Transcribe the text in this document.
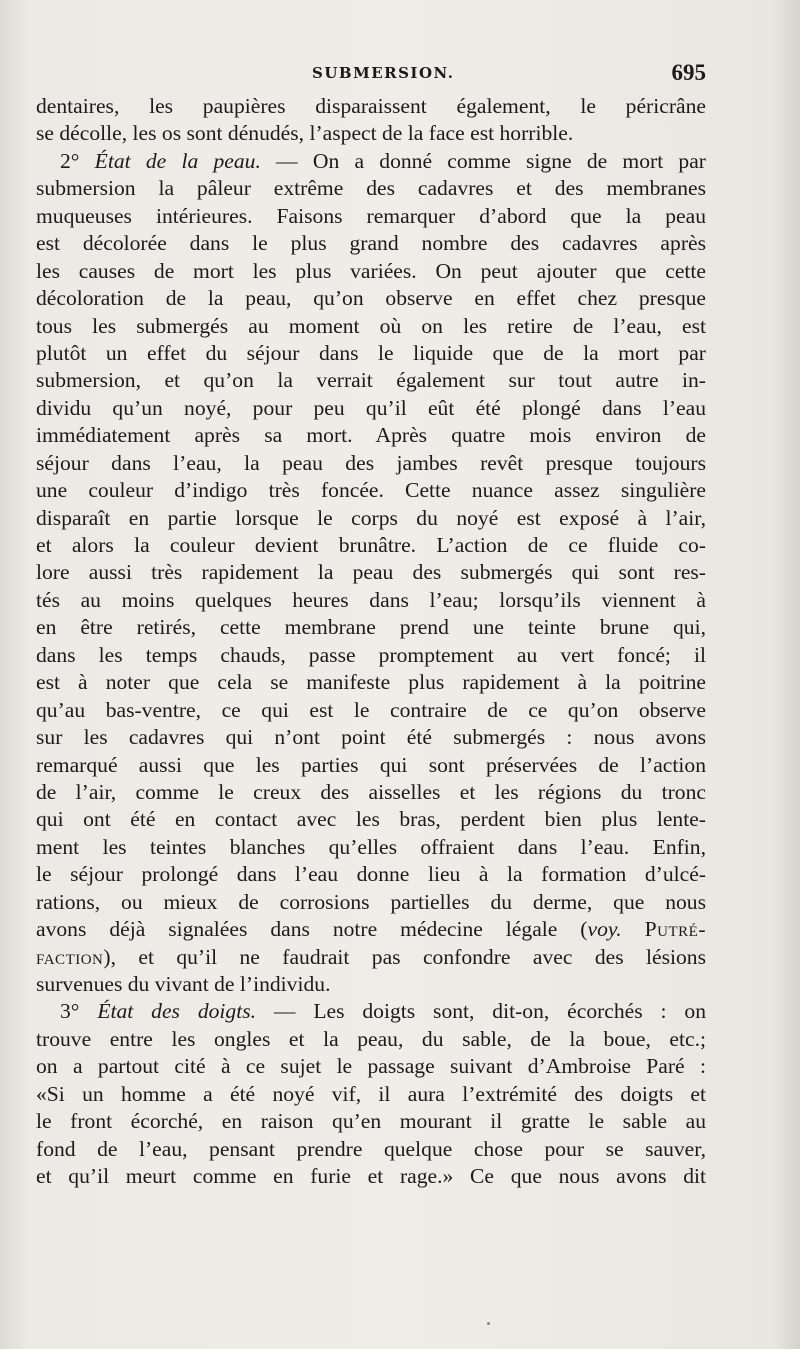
SUBMERSION.	695
dentaires, les paupières disparaissent également, le péricrâne
se décolle, les os sont dénudés, l’aspect de la face est horrible.
2° État de la peau. — On a donné comme signe de mort par
submersion la pâleur extrême des cadavres et des membranes
muqueuses intérieures. Faisons remarquer d’abord que la peau
est décolorée dans le plus grand nombre des cadavres après
les causes de mort les plus variées. On peut ajouter que cette
décoloration de la peau, qu’on observe en effet chez presque
tous les submergés au moment où on les retire de l’eau, est
plutôt un effet du séjour dans le liquide que de la mort par
submersion, et qu’on la verrait également sur tout autre in-
dividu qu’un noyé, pour peu qu’il eût été plongé dans l’eau
immédiatement après sa mort. Après quatre mois environ de
séjour dans l’eau, la peau des jambes revêt presque toujours
une couleur d’indigo très foncée. Cette nuance assez singulière
disparaît en partie lorsque le corps du noyé est exposé à l’air,
et alors la couleur devient brunâtre. L’action de ce fluide co-
lore aussi très rapidement la peau des submergés qui sont res-
tés au moins quelques heures dans l’eau; lorsqu’ils viennent à
en être retirés, cette membrane prend une teinte brune qui,
dans les temps chauds, passe promptement au vert foncé; il
est à noter que cela se manifeste plus rapidement à la poitrine
qu’au bas-ventre, ce qui est le contraire de ce qu’on observe
sur les cadavres qui n’ont point été submergés : nous avons
remarqué aussi que les parties qui sont préservées de l’action
de l’air, comme le creux des aisselles et les régions du tronc
qui ont été en contact avec les bras, perdent bien plus lente-
ment les teintes blanches qu’elles offraient dans l’eau. Enfin,
le séjour prolongé dans l’eau donne lieu à la formation d’ulcé-
rations, ou mieux de corrosions partielles du derme, que nous
avons déjà signalées dans notre médecine légale (voy. Putré-
faction), et qu’il ne faudrait pas confondre avec des lésions
survenues du vivant de l’individu.
3° État des doigts. — Les doigts sont, dit-on, écorchés : on
trouve entre les ongles et la peau, du sable, de la boue, etc.;
on a partout cité à ce sujet le passage suivant d’Ambroise Paré :
«Si un homme a été noyé vif, il aura l’extrémité des doigts et
le front écorché, en raison qu’en mourant il gratte le sable au
fond de l’eau, pensant prendre quelque chose pour se sauver,
et qu’il meurt comme en furie et rage.» Ce que nous avons dit
